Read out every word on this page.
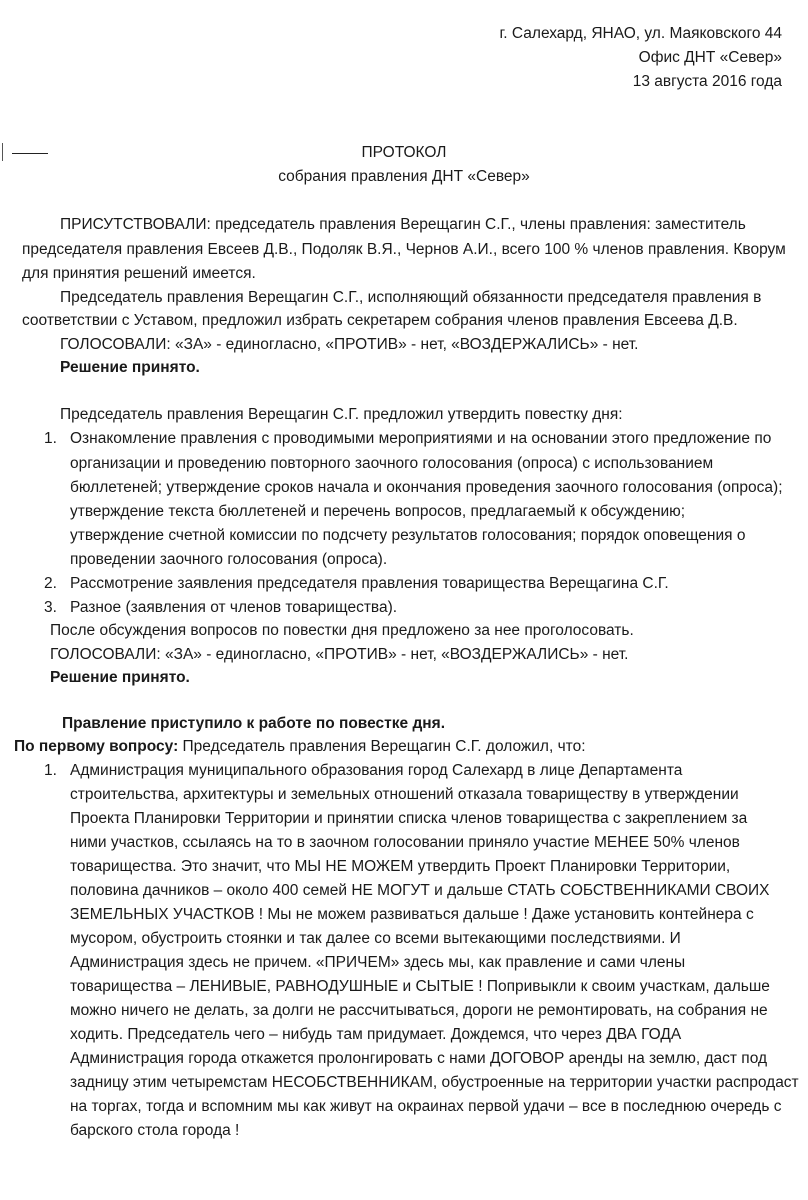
г. Салехард, ЯНАО, ул. Маяковского 44
Офис ДНТ «Север»
13 августа 2016 года
ПРОТОКОЛ
собрания правления ДНТ «Север»
ПРИСУТСТВОВАЛИ: председатель правления Верещагин С.Г., члены правления: заместитель
председателя правления Евсеев Д.В., Подоляк В.Я., Чернов А.И., всего 100 % членов правления. Кворум
для принятия решений имеется.
Председатель правления Верещагин С.Г., исполняющий обязанности председателя правления в
соответствии с Уставом, предложил избрать секретарем собрания членов правления Евсеева Д.В.
ГОЛОСОВАЛИ: «ЗА» - единогласно, «ПРОТИВ» - нет, «ВОЗДЕРЖАЛИСЬ» - нет.
Решение принято.
Председатель правления Верещагин С.Г. предложил утвердить повестку дня:
1. Ознакомление правления с проводимыми мероприятиями и на основании этого предложение по
организации и проведению повторного заочного голосования (опроса) с использованием
бюллетеней; утверждение сроков начала и окончания проведения заочного голосования (опроса);
утверждение текста бюллетеней и перечень вопросов, предлагаемый к обсуждению;
утверждение счетной комиссии по подсчету результатов голосования; порядок оповещения о
проведении заочного голосования (опроса).
2. Рассмотрение заявления председателя правления товарищества Верещагина С.Г.
3. Разное (заявления от членов товарищества).
После обсуждения вопросов по повестки дня предложено за нее проголосовать.
ГОЛОСОВАЛИ: «ЗА» - единогласно, «ПРОТИВ» - нет, «ВОЗДЕРЖАЛИСЬ» - нет.
Решение принято.
Правление приступило к работе по повестке дня.
По первому вопросу: Председатель правления Верещагин С.Г. доложил, что:
1. Администрация муниципального образования город Салехард в лице Департамента
строительства, архитектуры и земельных отношений отказала товариществу в утверждении
Проекта Планировки Территории и принятии списка членов товарищества с закреплением за
ними участков, ссылаясь на то в заочном голосовании приняло участие МЕНЕЕ 50% членов
товарищества. Это значит, что МЫ НЕ МОЖЕМ утвердить Проект Планировки Территории,
половина дачников – около 400 семей НЕ МОГУТ и дальше СТАТЬ СОБСТВЕННИКАМИ СВОИХ
ЗЕМЕЛЬНЫХ УЧАСТКОВ ! Мы не можем развиваться дальше ! Даже установить контейнера с
мусором, обустроить стоянки и так далее со всеми вытекающими последствиями. И
Администрация здесь не причем. «ПРИЧЕМ» здесь мы, как правление и сами члены
товарищества – ЛЕНИВЫЕ, РАВНОДУШНЫЕ и СЫТЫЕ ! Попривыкли к своим участкам, дальше
можно ничего не делать, за долги не рассчитываться, дороги не ремонтировать, на собрания не
ходить. Председатель чего – нибудь там придумает. Дождемся, что через ДВА ГОДА
Администрация города откажется пролонгировать с нами ДОГОВОР аренды на землю, даст под
задницу этим четыремстам НЕСОБСТВЕННИКАМ, обустроенные на территории участки распродаст
на торгах, тогда и вспомним мы как живут на окраинах первой удачи – все в последнюю очередь с
барского стола города !
